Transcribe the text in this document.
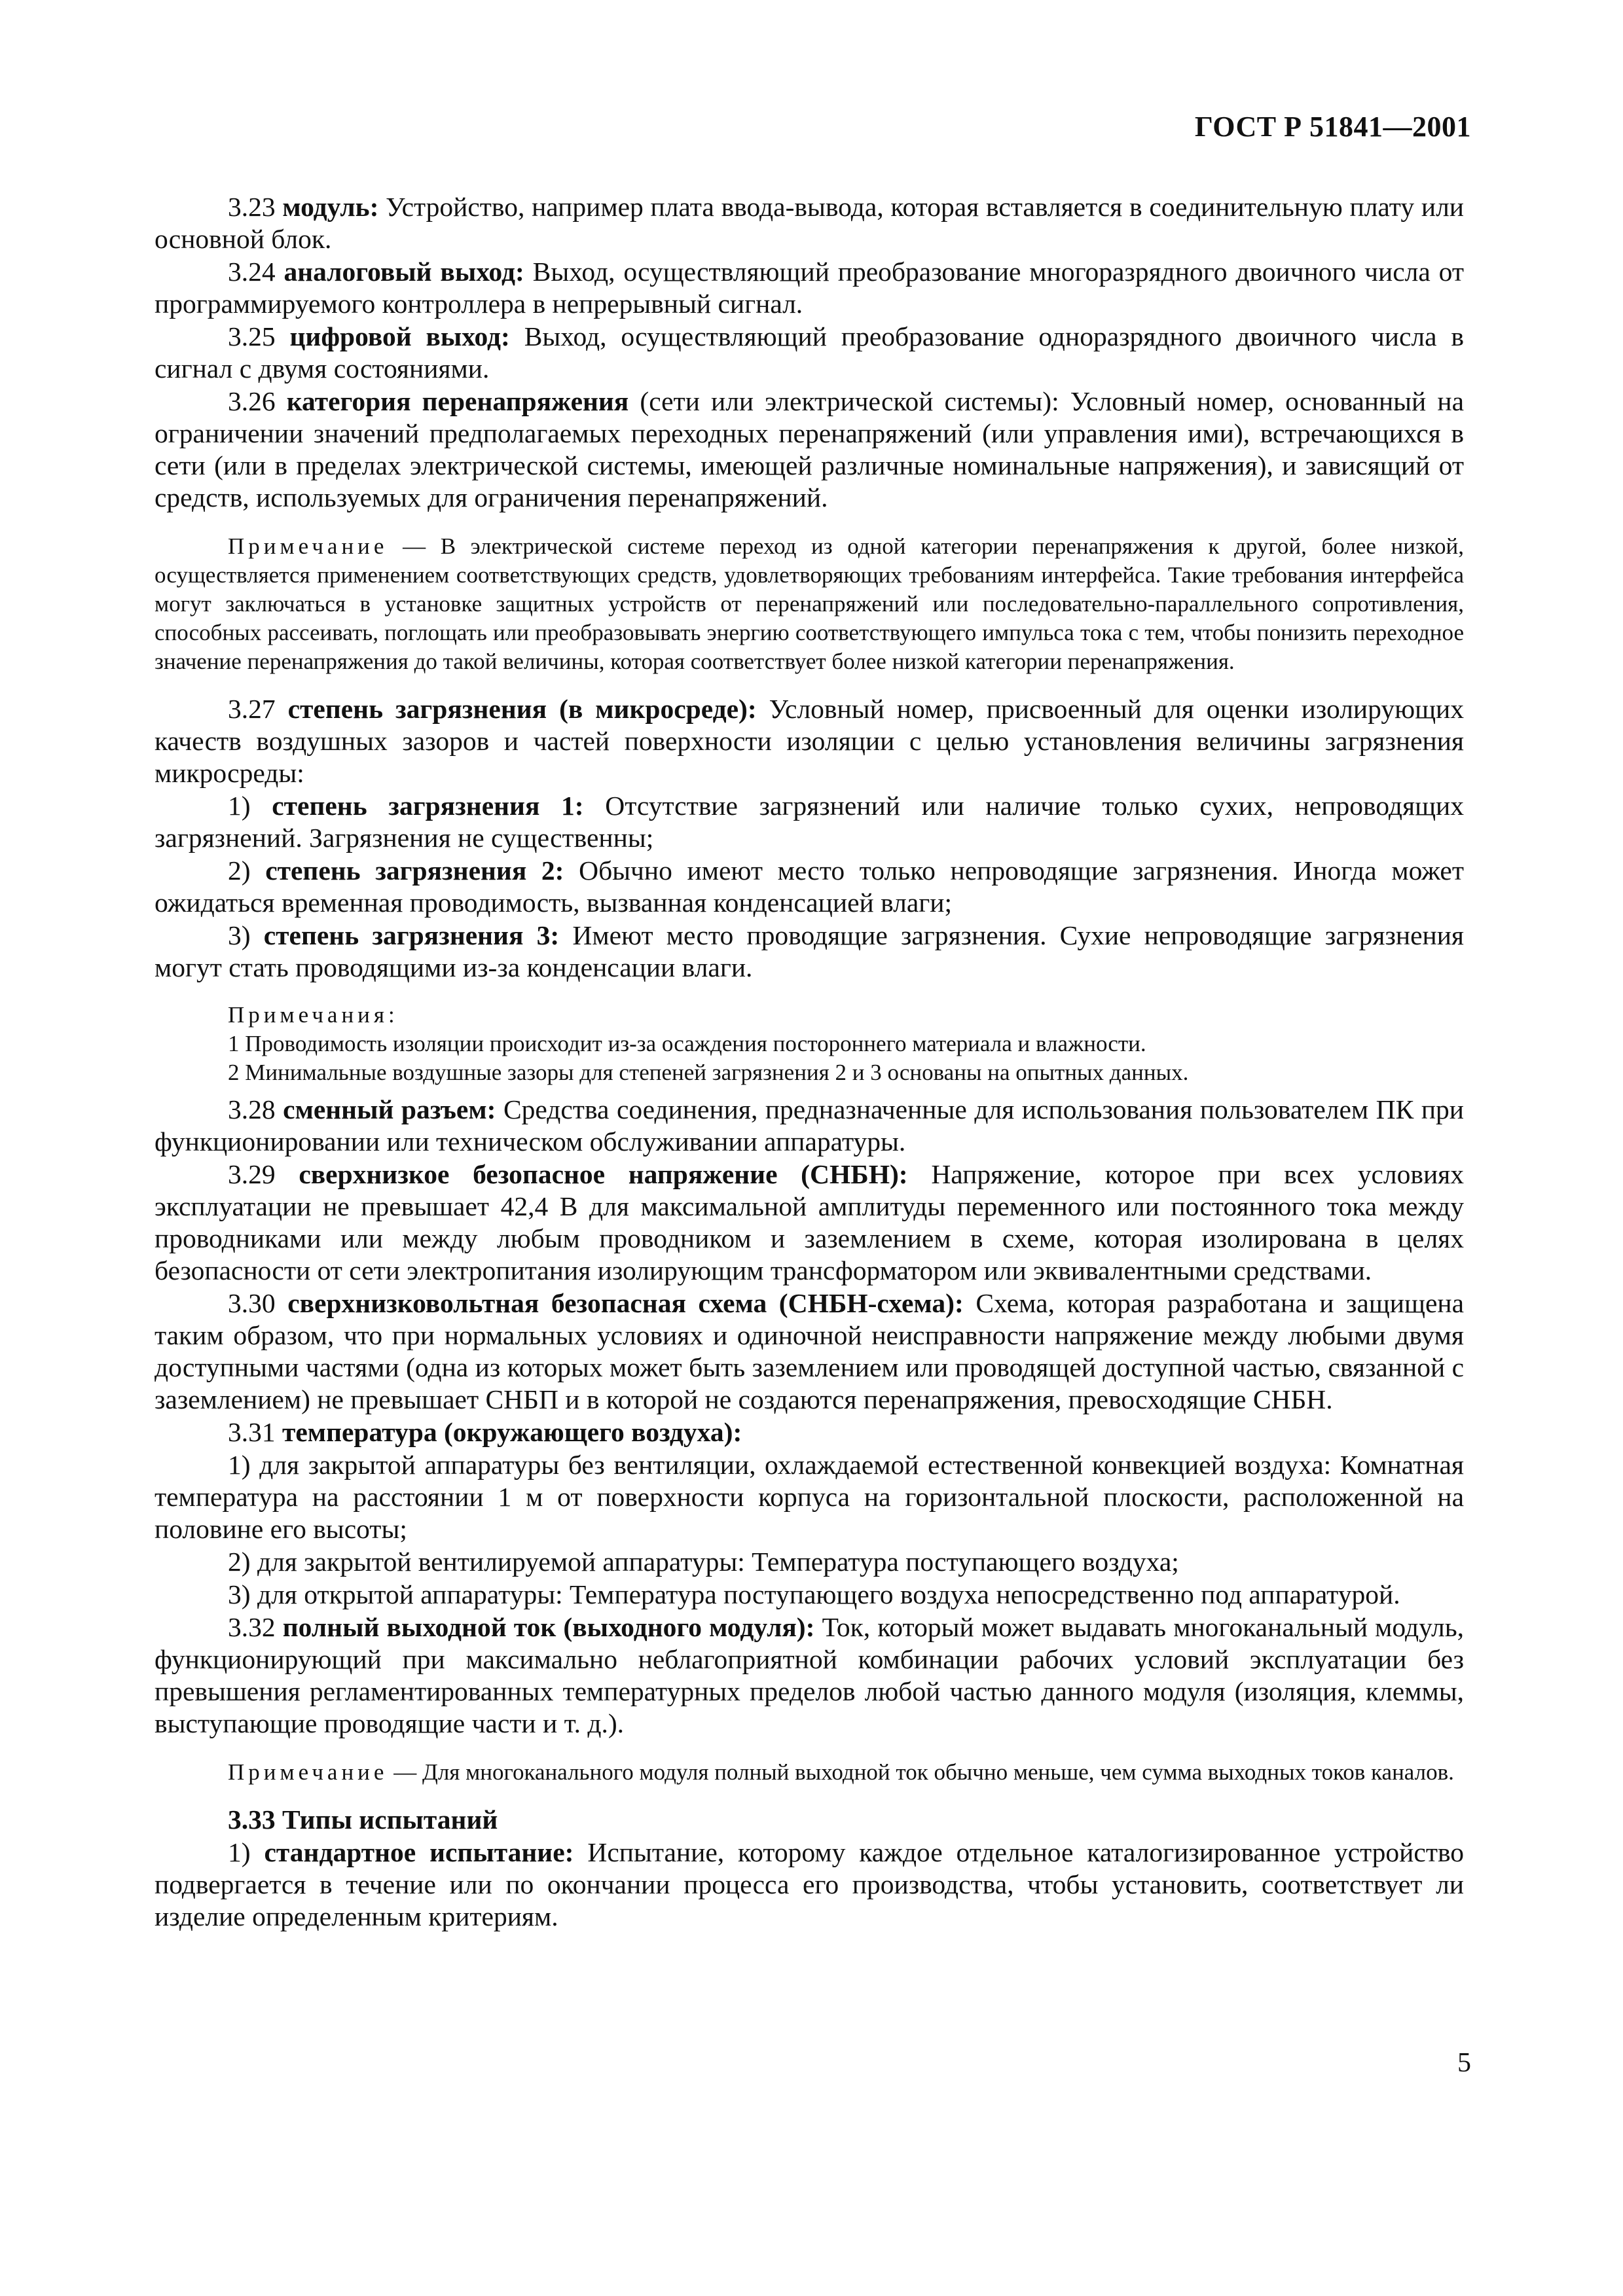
ГОСТ Р 51841—2001

3.23 модуль: Устройство, например плата ввода-вывода, которая вставляется в соединительную плату или основной блок.

3.24 аналоговый выход: Выход, осуществляющий преобразование многоразрядного двоичного числа от программируемого контроллера в непрерывный сигнал.

3.25 цифровой выход: Выход, осуществляющий преобразование одноразрядного двоичного числа в сигнал с двумя состояниями.

3.26 категория перенапряжения (сети или электрической системы): Условный номер, основанный на ограничении значений предполагаемых переходных перенапряжений (или управления ими), встречающихся в сети (или в пределах электрической системы, имеющей различные номинальные напряжения), и зависящий от средств, используемых для ограничения перенапряжений.

Примечание — В электрической системе переход из одной категории перенапряжения к другой, более низкой, осуществляется применением соответствующих средств, удовлетворяющих требованиям интерфейса. Такие требования интерфейса могут заключаться в установке защитных устройств от перенапряжений или последовательно-параллельного сопротивления, способных рассеивать, поглощать или преобразовывать энергию соответствующего импульса тока с тем, чтобы понизить переходное значение перенапряжения до такой величины, которая соответствует более низкой категории перенапряжения.

3.27 степень загрязнения (в микросреде): Условный номер, присвоенный для оценки изолирующих качеств воздушных зазоров и частей поверхности изоляции с целью установления величины загрязнения микросреды:

1) степень загрязнения 1: Отсутствие загрязнений или наличие только сухих, непроводящих загрязнений. Загрязнения не существенны;

2) степень загрязнения 2: Обычно имеют место только непроводящие загрязнения. Иногда может ожидаться временная проводимость, вызванная конденсацией влаги;

3) степень загрязнения 3: Имеют место проводящие загрязнения. Сухие непроводящие загрязнения могут стать проводящими из-за конденсации влаги.

Примечания:
1 Проводимость изоляции происходит из-за осаждения постороннего материала и влажности.
2 Минимальные воздушные зазоры для степеней загрязнения 2 и 3 основаны на опытных данных.

3.28 сменный разъем: Средства соединения, предназначенные для использования пользователем ПК при функционировании или техническом обслуживании аппаратуры.

3.29 сверхнизкое безопасное напряжение (СНБН): Напряжение, которое при всех условиях эксплуатации не превышает 42,4 В для максимальной амплитуды переменного или постоянного тока между проводниками или между любым проводником и заземлением в схеме, которая изолирована в целях безопасности от сети электропитания изолирующим трансформатором или эквивалентными средствами.

3.30 сверхнизковольтная безопасная схема (СНБН-схема): Схема, которая разработана и защищена таким образом, что при нормальных условиях и одиночной неисправности напряжение между любыми двумя доступными частями (одна из которых может быть заземлением или проводящей доступной частью, связанной с заземлением) не превышает СНБП и в которой не создаются перенапряжения, превосходящие СНБН.

3.31 температура (окружающего воздуха):

1) для закрытой аппаратуры без вентиляции, охлаждаемой естественной конвекцией воздуха: Комнатная температура на расстоянии 1 м от поверхности корпуса на горизонтальной плоскости, расположенной на половине его высоты;

2) для закрытой вентилируемой аппаратуры: Температура поступающего воздуха;

3) для открытой аппаратуры: Температура поступающего воздуха непосредственно под аппаратурой.

3.32 полный выходной ток (выходного модуля): Ток, который может выдавать многоканальный модуль, функционирующий при максимально неблагоприятной комбинации рабочих условий эксплуатации без превышения регламентированных температурных пределов любой частью данного модуля (изоляция, клеммы, выступающие проводящие части и т. д.).

Примечание — Для многоканального модуля полный выходной ток обычно меньше, чем сумма выходных токов каналов.

3.33 Типы испытаний

1) стандартное испытание: Испытание, которому каждое отдельное каталогизированное устройство подвергается в течение или по окончании процесса его производства, чтобы установить, соответствует ли изделие определенным критериям.

5
